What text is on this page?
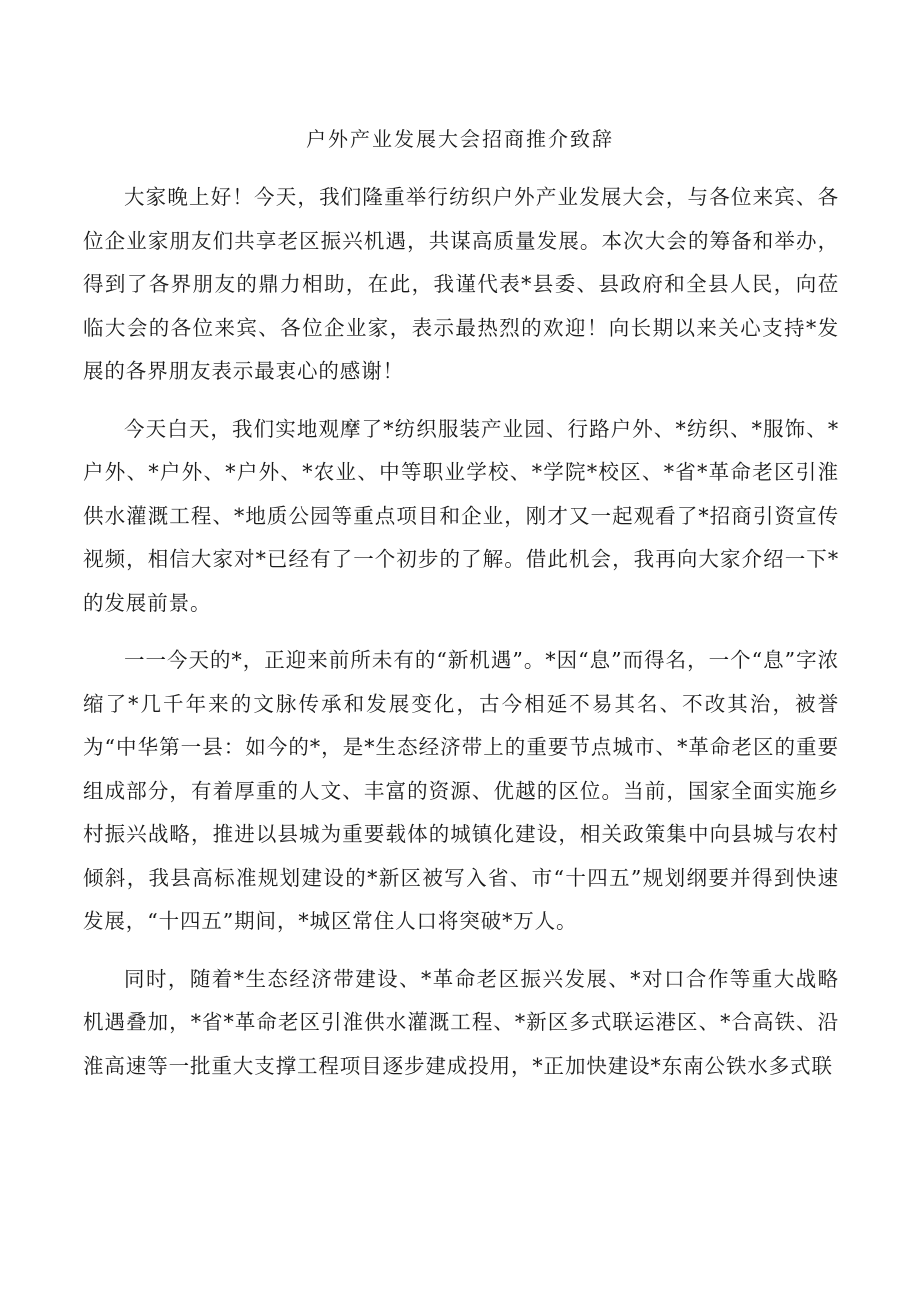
户外产业发展大会招商推介致辞

大家晚上好！今天，我们隆重举行纺织户外产业发展大会，与各位来宾、各位企业家朋友们共享老区振兴机遇，共谋高质量发展。本次大会的筹备和举办，得到了各界朋友的鼎力相助，在此，我谨代表*县委、县政府和全县人民，向莅临大会的各位来宾、各位企业家，表示最热烈的欢迎！向长期以来关心支持*发展的各界朋友表示最衷心的感谢！

今天白天，我们实地观摩了*纺织服装产业园、行路户外、*纺织、*服饰、*户外、*户外、*户外、*农业、中等职业学校、*学院*校区、*省*革命老区引淮供水灌溉工程、*地质公园等重点项目和企业，刚才又一起观看了*招商引资宣传视频，相信大家对*已经有了一个初步的了解。借此机会，我再向大家介绍一下*的发展前景。

一一今天的*，正迎来前所未有的“新机遇”。*因“息”而得名，一个“息”字浓缩了*几千年来的文脉传承和发展变化，古今相延不易其名、不改其治，被誉为“中华第一县：如今的*，是*生态经济带上的重要节点城市、*革命老区的重要组成部分，有着厚重的人文、丰富的资源、优越的区位。当前，国家全面实施乡村振兴战略，推进以县城为重要载体的城镇化建设，相关政策集中向县城与农村倾斜，我县高标准规划建设的*新区被写入省、市“十四五”规划纲要并得到快速发展，“十四五”期间，*城区常住人口将突破*万人。

同时，随着*生态经济带建设、*革命老区振兴发展、*对口合作等重大战略机遇叠加，*省*革命老区引淮供水灌溉工程、*新区多式联运港区、*合高铁、沿淮高速等一批重大支撑工程项目逐步建成投用，*正加快建设*东南公铁水多式联
